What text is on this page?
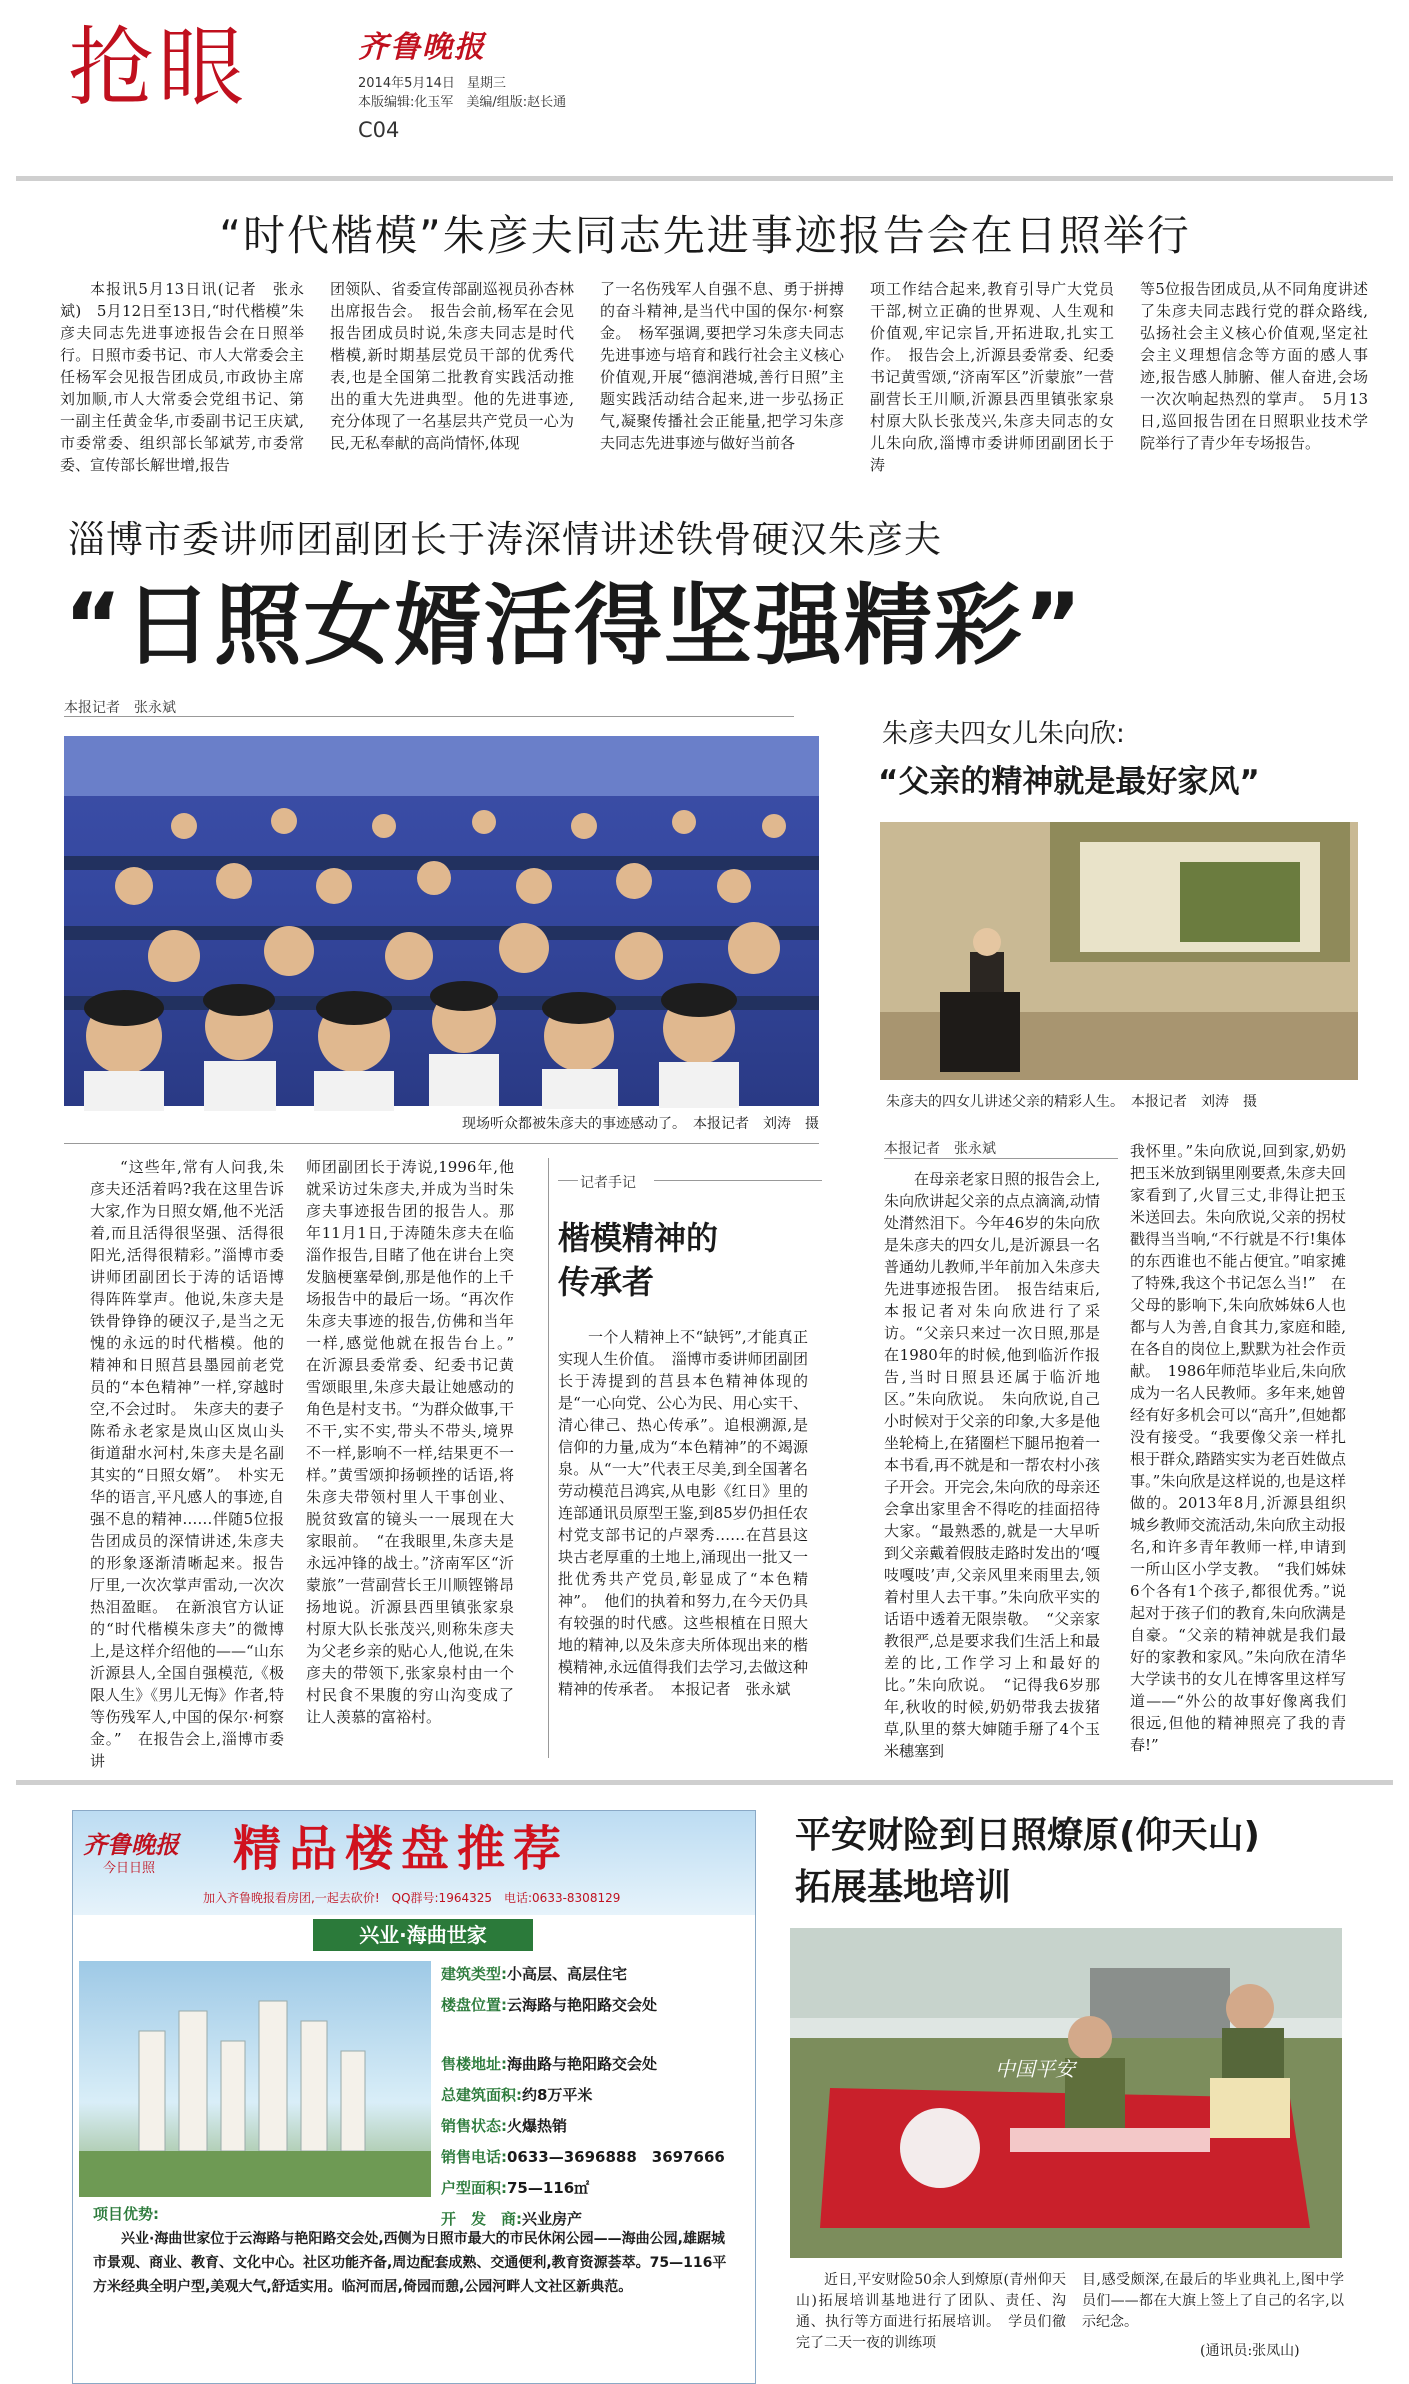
抢眼	齐鲁晚报
2014年5月14日 星期三
本版编辑:化玉军　美编/组版:赵长通
C04
“时代楷模”朱彦夫同志先进事迹报告会在日照举行

本报讯5月13日讯(记者　张永斌)　5月12日至13日,“时代楷模”朱彦夫同志先进事迹报告会在日照举行。日照市委书记、市人大常委会主任杨军会见报告团成员,市政协主席刘加顺,市人大常委会党组书记、第一副主任黄金华,市委副书记王庆斌,市委常委、组织部长邹斌芳,市委常委、宣传部长解世增,报告

团领队、省委宣传部副巡视员孙杏林出席报告会。　报告会前,杨军在会见报告团成员时说,朱彦夫同志是时代楷模,新时期基层党员干部的优秀代表,也是全国第二批教育实践活动推出的重大先进典型。他的先进事迹,充分体现了一名基层共产党员一心为民,无私奉献的高尚情怀,体现

了一名伤残军人自强不息、勇于拼搏的奋斗精神,是当代中国的保尔·柯察金。　杨军强调,要把学习朱彦夫同志先进事迹与培育和践行社会主义核心价值观,开展“德润港城,善行日照”主题实践活动结合起来,进一步弘扬正气,凝聚传播社会正能量,把学习朱彦夫同志先进事迹与做好当前各

项工作结合起来,教育引导广大党员干部,树立正确的世界观、人生观和价值观,牢记宗旨,开拓进取,扎实工作。　报告会上,沂源县委常委、纪委书记黄雪颂,“济南军区”沂蒙旅”一营副营长王川顺,沂源县西里镇张家泉村原大队长张茂兴,朱彦夫同志的女儿朱向欣,淄博市委讲师团副团长于涛

等5位报告团成员,从不同角度讲述了朱彦夫同志践行党的群众路线,弘扬社会主义核心价值观,坚定社会主义理想信念等方面的感人事迹,报告感人肺腑、催人奋进,会场一次次响起热烈的掌声。　5月13日,巡回报告团在日照职业技术学院举行了青少年专场报告。

淄博市委讲师团副团长于涛深情讲述铁骨硬汉朱彦夫
“日照女婿活得坚强精彩”
本报记者　张永斌
现场听众都被朱彦夫的事迹感动了。　本报记者　刘涛　摄

“这些年,常有人问我,朱彦夫还活着吗?我在这里告诉大家,作为日照女婿,他不光活着,而且活得很坚强、活得很阳光,活得很精彩。”淄博市委讲师团副团长于涛的话语博得阵阵掌声。他说,朱彦夫是铁骨铮铮的硬汉子,是当之无愧的永远的时代楷模。他的精神和日照莒县墨园前老党员的“本色精神”一样,穿越时空,不会过时。　朱彦夫的妻子陈希永老家是岚山区岚山头街道甜水河村,朱彦夫是名副其实的“日照女婿”。　朴实无华的语言,平凡感人的事迹,自强不息的精神……伴随5位报告团成员的深情讲述,朱彦夫的形象逐渐清晰起来。报告厅里,一次次掌声雷动,一次次热泪盈眶。　在新浪官方认证的“时代楷模朱彦夫”的微博上,是这样介绍他的——“山东沂源县人,全国自强模范,《极限人生》《男儿无悔》作者,特等伤残军人,中国的保尔·柯察金。”　在报告会上,淄博市委讲

师团副团长于涛说,1996年,他就采访过朱彦夫,并成为当时朱彦夫事迹报告团的报告人。那年11月1日,于涛随朱彦夫在临淄作报告,目睹了他在讲台上突发脑梗塞晕倒,那是他作的上千场报告中的最后一场。“再次作朱彦夫事迹的报告,仿佛和当年一样,感觉他就在报告台上。”　在沂源县委常委、纪委书记黄雪颂眼里,朱彦夫最让她感动的角色是村支书。“为群众做事,干不干,实不实,带头不带头,境界不一样,影响不一样,结果更不一样。”黄雪颂抑扬顿挫的话语,将朱彦夫带领村里人干事创业、脱贫致富的镜头一一展现在大家眼前。　“在我眼里,朱彦夫是永远冲锋的战士。”济南军区“沂蒙旅”一营副营长王川顺铿锵昂扬地说。沂源县西里镇张家泉村原大队长张茂兴,则称朱彦夫为父老乡亲的贴心人,他说,在朱彦夫的带领下,张家泉村由一个村民食不果腹的穷山沟变成了让人羡慕的富裕村。

记者手记
楷模精神的传承者

一个人精神上不“缺钙”,才能真正实现人生价值。　淄博市委讲师团副团长于涛提到的莒县本色精神体现的是“一心向党、公心为民、用心实干、清心律己、热心传承”。追根溯源,是信仰的力量,成为“本色精神”的不竭源泉。从“一大”代表王尽美,到全国著名劳动模范吕鸿宾,从电影《红日》里的连部通讯员原型王鉴,到85岁仍担任农村党支部书记的卢翠秀……在莒县这块古老厚重的土地上,涌现出一批又一批优秀共产党员,彰显成了“本色精神”。　他们的执着和努力,在今天仍具有较强的时代感。这些根植在日照大地的精神,以及朱彦夫所体现出来的楷模精神,永远值得我们去学习,去做这种精神的传承者。　本报记者　张永斌

朱彦夫四女儿朱向欣:
“父亲的精神就是最好家风”
朱彦夫的四女儿讲述父亲的精彩人生。　本报记者　刘涛　摄
本报记者　张永斌

在母亲老家日照的报告会上,朱向欣讲起父亲的点点滴滴,动情处潸然泪下。今年46岁的朱向欣是朱彦夫的四女儿,是沂源县一名普通幼儿教师,半年前加入朱彦夫先进事迹报告团。　报告结束后,本报记者对朱向欣进行了采访。“父亲只来过一次日照,那是在1980年的时候,他到临沂作报告,当时日照县还属于临沂地区。”朱向欣说。　朱向欣说,自己小时候对于父亲的印象,大多是他坐轮椅上,在猪圈栏下腿吊抱着一本书看,再不就是和一帮农村小孩子开会。开完会,朱向欣的母亲还会拿出家里舍不得吃的挂面招待大家。“最熟悉的,就是一大早听到父亲戴着假肢走路时发出的‘嘎吱嘎吱’声,父亲风里来雨里去,领着村里人去干事。”朱向欣平实的话语中透着无限崇敬。　“父亲家教很严,总是要求我们生活上和最差的比,工作学习上和最好的比。”朱向欣说。　“记得我6岁那年,秋收的时候,奶奶带我去拔猪草,队里的蔡大婶随手掰了4个玉米穗塞到

我怀里。”朱向欣说,回到家,奶奶把玉米放到锅里刚要煮,朱彦夫回家看到了,火冒三丈,非得让把玉米送回去。朱向欣说,父亲的拐杖戳得当当响,“不行就是不行!集体的东西谁也不能占便宜。”咱家摊了特殊,我这个书记怎么当!”　在父母的影响下,朱向欣姊妹6人也都与人为善,自食其力,家庭和睦,在各自的岗位上,默默为社会作贡献。　1986年师范毕业后,朱向欣成为一名人民教师。多年来,她曾经有好多机会可以“高升”,但她都没有接受。“我要像父亲一样扎根于群众,踏踏实实为老百姓做点事。”朱向欣是这样说的,也是这样做的。2013年8月,沂源县组织城乡教师交流活动,朱向欣主动报名,和许多青年教师一样,申请到一所山区小学支教。　“我们姊妹6个各有1个孩子,都很优秀。”说起对于孩子们的教育,朱向欣满是自豪。“父亲的精神就是我们最好的家教和家风。”朱向欣在清华大学读书的女儿在博客里这样写道——“外公的故事好像离我们很远,但他的精神照亮了我的青春!”

齐鲁晚报
今日日照 精品楼盘推荐
加入齐鲁晚报看房团,一起去砍价!　QQ群号:1964325　电话:0633-8308129
兴业·海曲世家
建筑类型:小高层、高层住宅
楼盘位置:云海路与艳阳路交会处
售楼地址:海曲路与艳阳路交会处
总建筑面积:约8万平米
销售状态:火爆热销
销售电话:0633—3696888　3697666
户型面积:75—116㎡
开　发　商:兴业房产
项目优势:
兴业·海曲世家位于云海路与艳阳路交会处,西侧为日照市最大的市民休闲公园——海曲公园,雄踞城市景观、商业、教育、文化中心。社区功能齐备,周边配套成熟、交通便利,教育资源荟萃。75—116平方米经典全明户型,美观大气,舒适实用。临河而居,倚园而憩,公园河畔人文社区新典范。
平安财险到日照燎原(仰天山)
拓展基地培训
中国平安

近日,平安财险50余人到燎原(青州仰天山)拓展培训基地进行了团队、责任、沟通、执行等方面进行拓展培训。　学员们徹完了二天一夜的训练项

目,感受颇深,在最后的毕业典礼上,图中学员们——都在大旗上签上了自己的名字,以示纪念。

(通讯员:张凤山)
